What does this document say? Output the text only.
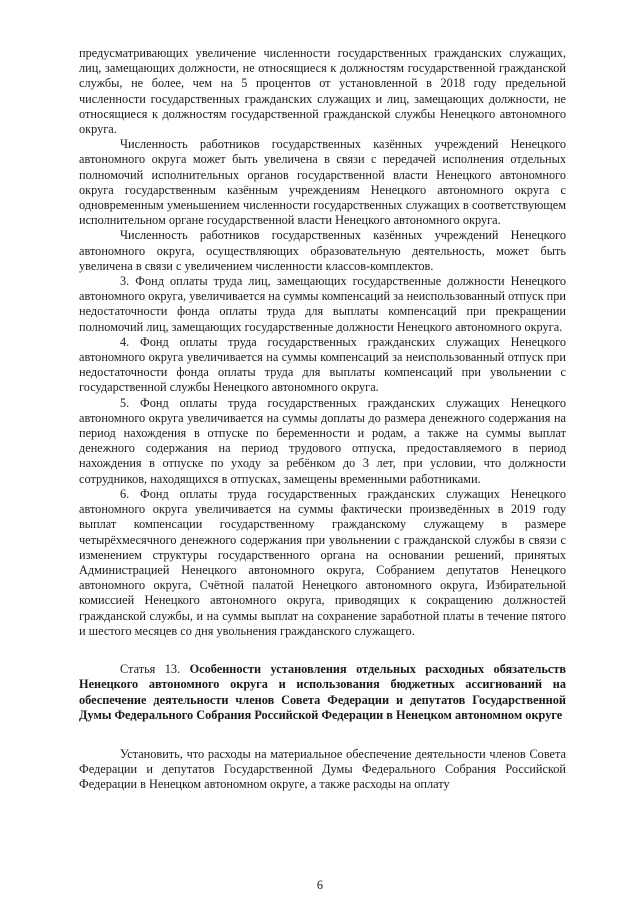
предусматривающих увеличение численности государственных гражданских служащих, лиц, замещающих должности, не относящиеся к должностям государственной гражданской службы, не более, чем на 5 процентов от установленной в 2018 году предельной численности государственных гражданских служащих и лиц, замещающих должности, не относящиеся к должностям государственной гражданской службы Ненецкого автономного округа.

Численность работников государственных казённых учреждений Ненецкого автономного округа может быть увеличена в связи с передачей исполнения отдельных полномочий исполнительных органов государственной власти Ненецкого автономного округа государственным казённым учреждениям Ненецкого автономного округа с одновременным уменьшением численности государственных служащих в соответствующем исполнительном органе государственной власти Ненецкого автономного округа.

Численность работников государственных казённых учреждений Ненецкого автономного округа, осуществляющих образовательную деятельность, может быть увеличена в связи с увеличением численности классов-комплектов.

3. Фонд оплаты труда лиц, замещающих государственные должности Ненецкого автономного округа, увеличивается на суммы компенсаций за неиспользованный отпуск при недостаточности фонда оплаты труда для выплаты компенсаций при прекращении полномочий лиц, замещающих государственные должности Ненецкого автономного округа.

4. Фонд оплаты труда государственных гражданских служащих Ненецкого автономного округа увеличивается на суммы компенсаций за неиспользованный отпуск при недостаточности фонда оплаты труда для выплаты компенсаций при увольнении с государственной службы Ненецкого автономного округа.

5. Фонд оплаты труда государственных гражданских служащих Ненецкого автономного округа увеличивается на суммы доплаты до размера денежного содержания на период нахождения в отпуске по беременности и родам, а также на суммы выплат денежного содержания на период трудового отпуска, предоставляемого в период нахождения в отпуске по уходу за ребёнком до 3 лет, при условии, что должности сотрудников, находящихся в отпусках, замещены временными работниками.

6. Фонд оплаты труда государственных гражданских служащих Ненецкого автономного округа увеличивается на суммы фактически произведённых в 2019 году выплат компенсации государственному гражданскому служащему в размере четырёхмесячного денежного содержания при увольнении с гражданской службы в связи с изменением структуры государственного органа на основании решений, принятых Администрацией Ненецкого автономного округа, Собранием депутатов Ненецкого автономного округа, Счётной палатой Ненецкого автономного округа, Избирательной комиссией Ненецкого автономного округа, приводящих к сокращению должностей гражданской службы, и на суммы выплат на сохранение заработной платы в течение пятого и шестого месяцев со дня увольнения гражданского служащего.

Статья 13. Особенности установления отдельных расходных обязательств Ненецкого автономного округа и использования бюджетных ассигнований на обеспечение деятельности членов Совета Федерации и депутатов Государственной Думы Федерального Собрания Российской Федерации в Ненецком автономном округе

Установить, что расходы на материальное обеспечение деятельности членов Совета Федерации и депутатов Государственной Думы Федерального Собрания Российской Федерации в Ненецком автономном округе, а также расходы на оплату

6
